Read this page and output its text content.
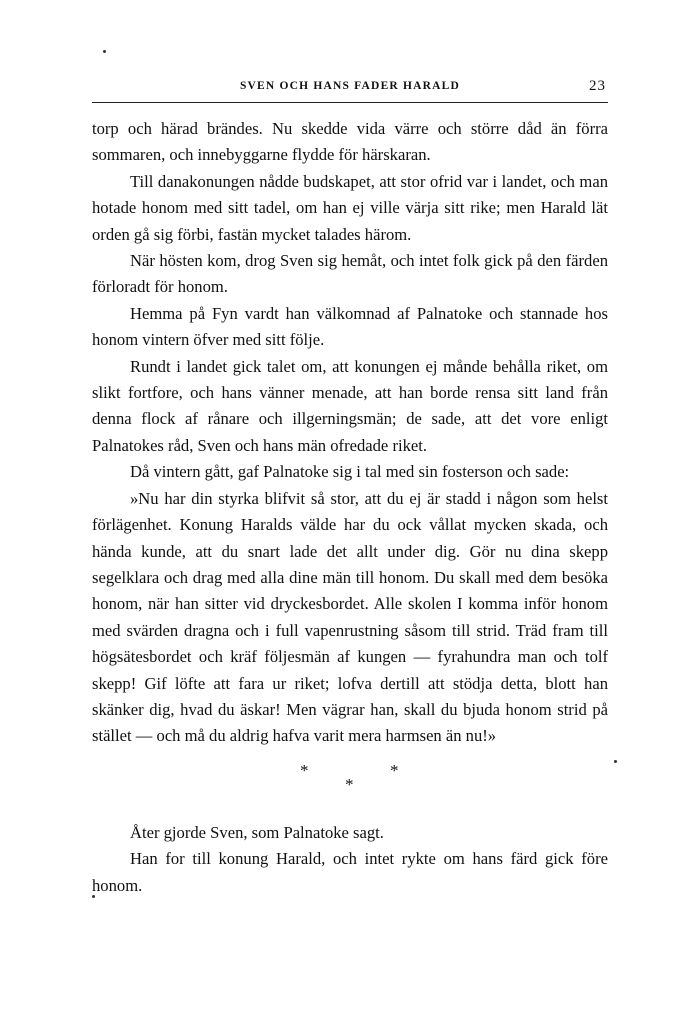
SVEN OCH HANS FADER HARALD	23

torp och härad brändes. Nu skedde vida värre och större dåd än förra sommaren, och innebyggarne flydde för härskaran.

Till danakonungen nådde budskapet, att stor ofrid var i landet, och man hotade honom med sitt tadel, om han ej ville värja sitt rike; men Harald lät orden gå sig förbi, fastän mycket talades härom.

När hösten kom, drog Sven sig hemåt, och intet folk gick på den färden förloradt för honom.

Hemma på Fyn vardt han välkomnad af Palnatoke och stannade hos honom vintern öfver med sitt följe.

Rundt i landet gick talet om, att konungen ej månde behålla riket, om slikt fortfore, och hans vänner menade, att han borde rensa sitt land från denna flock af rånare och illgerningsmän; de sade, att det vore enligt Palnatokes råd, Sven och hans män ofredade riket.

Då vintern gått, gaf Palnatoke sig i tal med sin fosterson och sade:

»Nu har din styrka blifvit så stor, att du ej är stadd i någon som helst förlägenhet. Konung Haralds välde har du ock vållat mycken skada, och hända kunde, att du snart lade det allt under dig. Gör nu dina skepp segelklara och drag med alla dine män till honom. Du skall med dem besöka honom, när han sitter vid dryckesbordet. Alle skolen I komma inför honom med svärden dragna och i full vapenrustning såsom till strid. Träd fram till högsätesbordet och kräf följesmän af kungen — fyrahundra man och tolf skepp! Gif löfte att fara ur riket; lofva dertill att stödja detta, blott han skänker dig, hvad du äskar! Men vägrar han, skall du bjuda honom strid på stället — och må du aldrig hafva varit mera harmsen än nu!»

*	*
*

Åter gjorde Sven, som Palnatoke sagt.

Han for till konung Harald, och intet rykte om hans färd gick före honom.
